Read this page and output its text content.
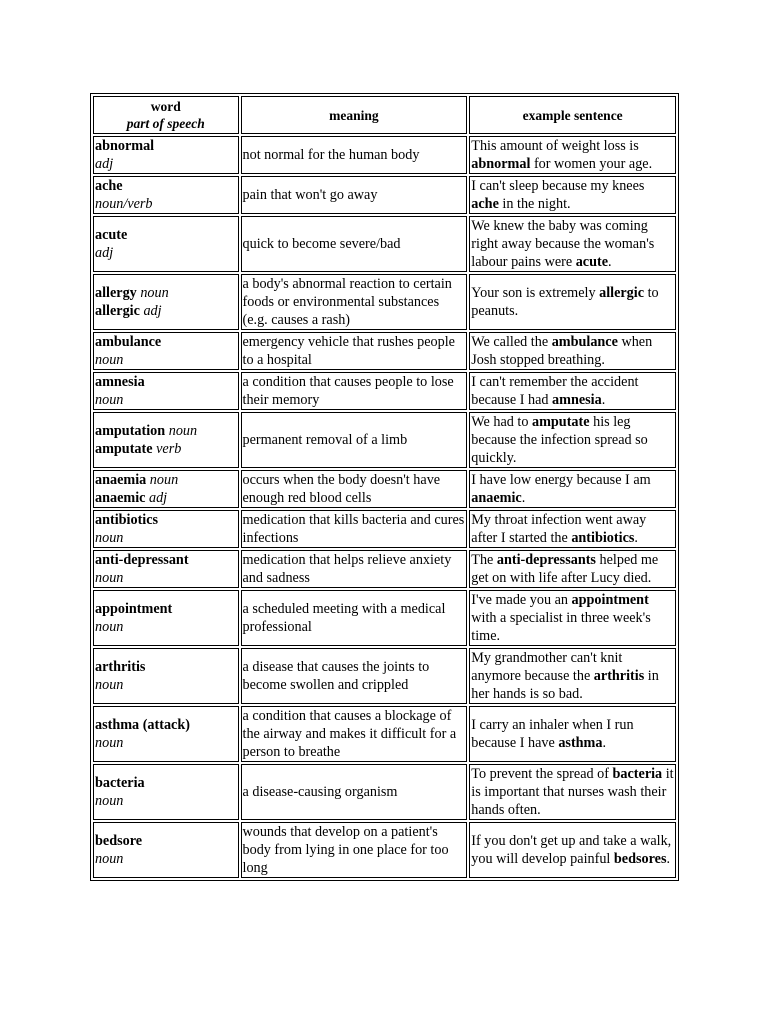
word
part of speech	meaning	example sentence

abnormal
adj	not normal for the human body	This amount of weight loss is abnormal for women your age.

ache
noun/verb	pain that won't go away	I can't sleep because my knees ache in the night.

acute
adj	quick to become severe/bad	We knew the baby was coming right away because the woman's labour pains were acute.

allergy noun
allergic adj	a body's abnormal reaction to certain foods or environmental substances (e.g. causes a rash)	Your son is extremely allergic to peanuts.

ambulance
noun	emergency vehicle that rushes people to a hospital	We called the ambulance when Josh stopped breathing.

amnesia
noun	a condition that causes people to lose their memory	I can't remember the accident because I had amnesia.

amputation noun
amputate verb	permanent removal of a limb	We had to amputate his leg because the infection spread so quickly.

anaemia noun
anaemic adj	occurs when the body doesn't have enough red blood cells	I have low energy because I am anaemic.

antibiotics
noun	medication that kills bacteria and cures infections	My throat infection went away after I started the antibiotics.

anti-depressant
noun	medication that helps relieve anxiety and sadness	The anti-depressants helped me get on with life after Lucy died.

appointment
noun	a scheduled meeting with a medical professional	I've made you an appointment with a specialist in three week's time.

arthritis
noun	a disease that causes the joints to become swollen and crippled	My grandmother can't knit anymore because the arthritis in her hands is so bad.

asthma (attack)
noun	a condition that causes a blockage of the airway and makes it difficult for a person to breathe	I carry an inhaler when I run because I have asthma.

bacteria
noun	a disease-causing organism	To prevent the spread of bacteria it is important that nurses wash their hands often.

bedsore
noun	wounds that develop on a patient's body from lying in one place for too long	If you don't get up and take a walk, you will develop painful bedsores.
